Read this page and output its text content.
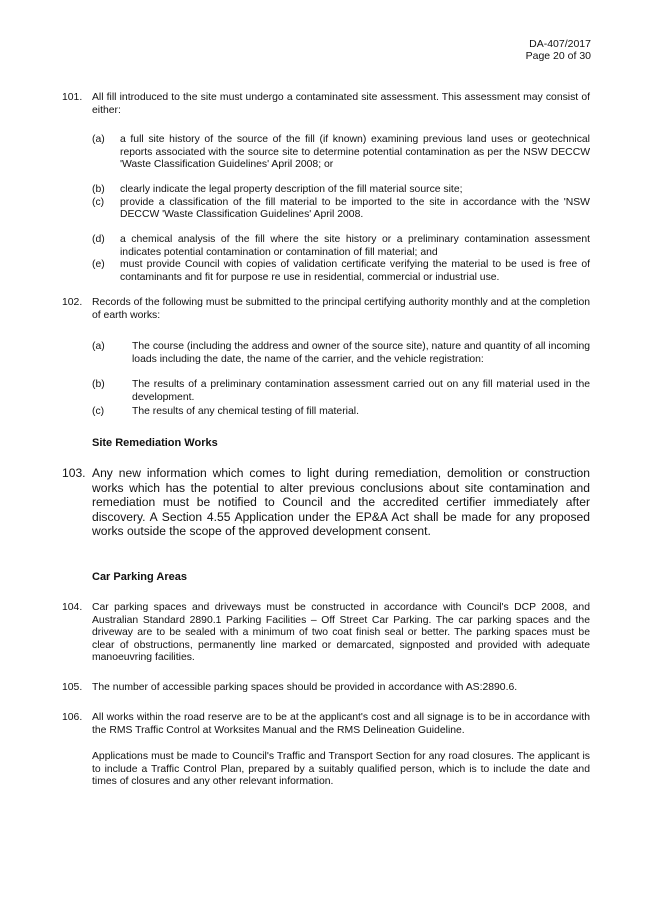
DA-407/2017
Page 20 of 30
101. All fill introduced to the site must undergo a contaminated site assessment. This assessment may consist of either:
(a) a full site history of the source of the fill (if known) examining previous land uses or geotechnical reports associated with the source site to determine potential contamination as per the NSW DECCW 'Waste Classification Guidelines' April 2008; or
(b) clearly indicate the legal property description of the fill material source site;
(c) provide a classification of the fill material to be imported to the site in accordance with the 'NSW DECCW 'Waste Classification Guidelines' April 2008.
(d) a chemical analysis of the fill where the site history or a preliminary contamination assessment indicates potential contamination or contamination of fill material; and
(e) must provide Council with copies of validation certificate verifying the material to be used is free of contaminants and fit for purpose re use in residential, commercial or industrial use.
102. Records of the following must be submitted to the principal certifying authority monthly and at the completion of earth works:
(a)	The course (including the address and owner of the source site), nature and quantity of all incoming loads including the date, the name of the carrier, and the vehicle registration:
(b)	The results of a preliminary contamination assessment carried out on any fill material used in the development.
(c)	The results of any chemical testing of fill material.
Site Remediation Works
103. Any new information which comes to light during remediation, demolition or construction works which has the potential to alter previous conclusions about site contamination and remediation must be notified to Council and the accredited certifier immediately after discovery. A Section 4.55 Application under the EP&A Act shall be made for any proposed works outside the scope of the approved development consent.
Car Parking Areas
104. Car parking spaces and driveways must be constructed in accordance with Council's DCP 2008, and Australian Standard 2890.1 Parking Facilities – Off Street Car Parking. The car parking spaces and the driveway are to be sealed with a minimum of two coat finish seal or better. The parking spaces must be clear of obstructions, permanently line marked or demarcated, signposted and provided with adequate manoeuvring facilities.
105. The number of accessible parking spaces should be provided in accordance with AS:2890.6.
106. All works within the road reserve are to be at the applicant's cost and all signage is to be in accordance with the RMS Traffic Control at Worksites Manual and the RMS Delineation Guideline.
Applications must be made to Council's Traffic and Transport Section for any road closures. The applicant is to include a Traffic Control Plan, prepared by a suitably qualified person, which is to include the date and times of closures and any other relevant information.
